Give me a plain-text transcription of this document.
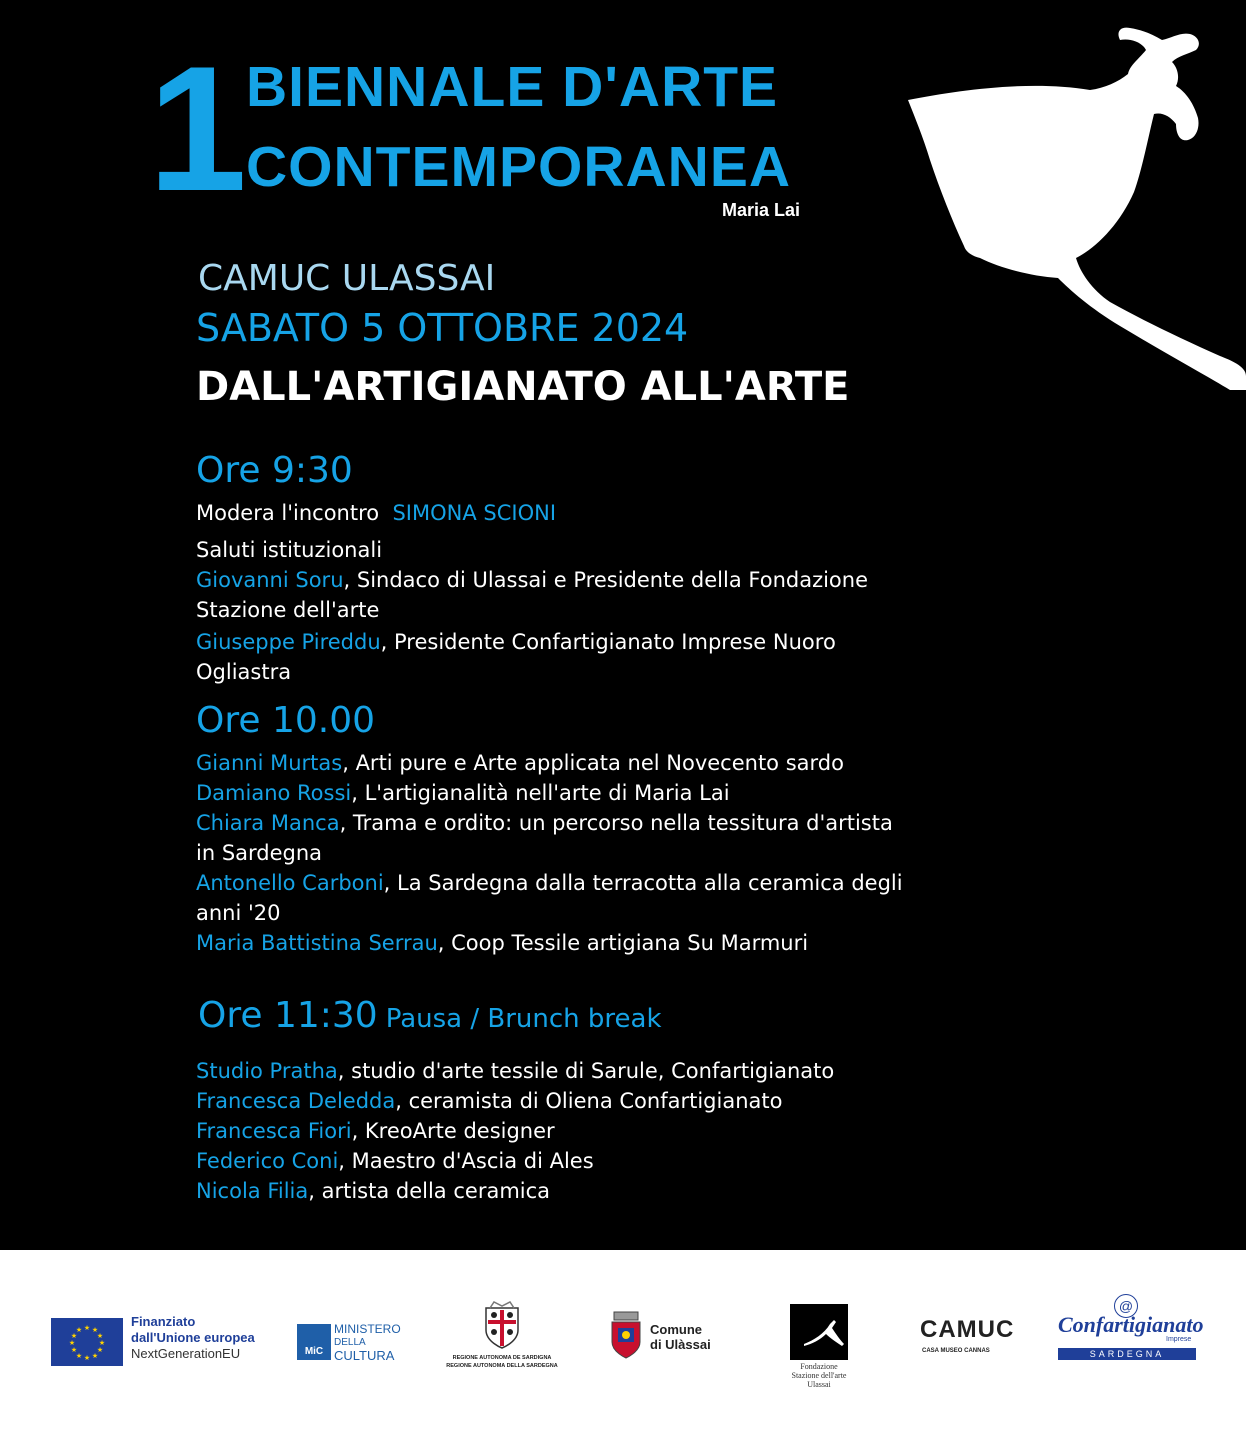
1 BIENNALE D'ARTE
CONTEMPORANEA
Maria Lai
CAMUC ULASSAI
SABATO 5 OTTOBRE 2024
DALL'ARTIGIANATO ALL'ARTE
Ore 9:30
Modera l'incontro SIMONA SCIONI
Saluti istituzionali
Giovanni Soru, Sindaco di Ulassai e Presidente della Fondazione
Stazione dell'arte
Giuseppe Pireddu, Presidente Confartigianato Imprese Nuoro
Ogliastra
Ore 10.00
Gianni Murtas, Arti pure e Arte applicata nel Novecento sardo
Damiano Rossi, L'artigianalità nell'arte di Maria Lai
Chiara Manca, Trama e ordito: un percorso nella tessitura d'artista
in Sardegna
Antonello Carboni, La Sardegna dalla terracotta alla ceramica degli
anni '20
Maria Battistina Serrau, Coop Tessile artigiana Su Marmuri
Ore 11:30 Pausa / Brunch break
Studio Pratha, studio d'arte tessile di Sarule, Confartigianato
Francesca Deledda, ceramista di Oliena Confartigianato
Francesca Fiori, KreoArte designer
Federico Coni, Maestro d'Ascia di Ales
Nicola Filia, artista della ceramica
★ ★
★
★
★
★
★
★
★
★
★
★
Finanziato
dall'Unione europea
NextGenerationEU	MiC
MINISTERO
DELLA
CULTURA	REGIONE AUTONOMA DE SARDIGNA
REGIONE AUTONOMA DELLA SARDEGNA
Comune
di Ulàssai
Fondazione
Stazione dell'arte
Ulassai
CAMUC
CASA MUSEO CANNAS
@
Confartigianato
Imprese
SARDEGNA
